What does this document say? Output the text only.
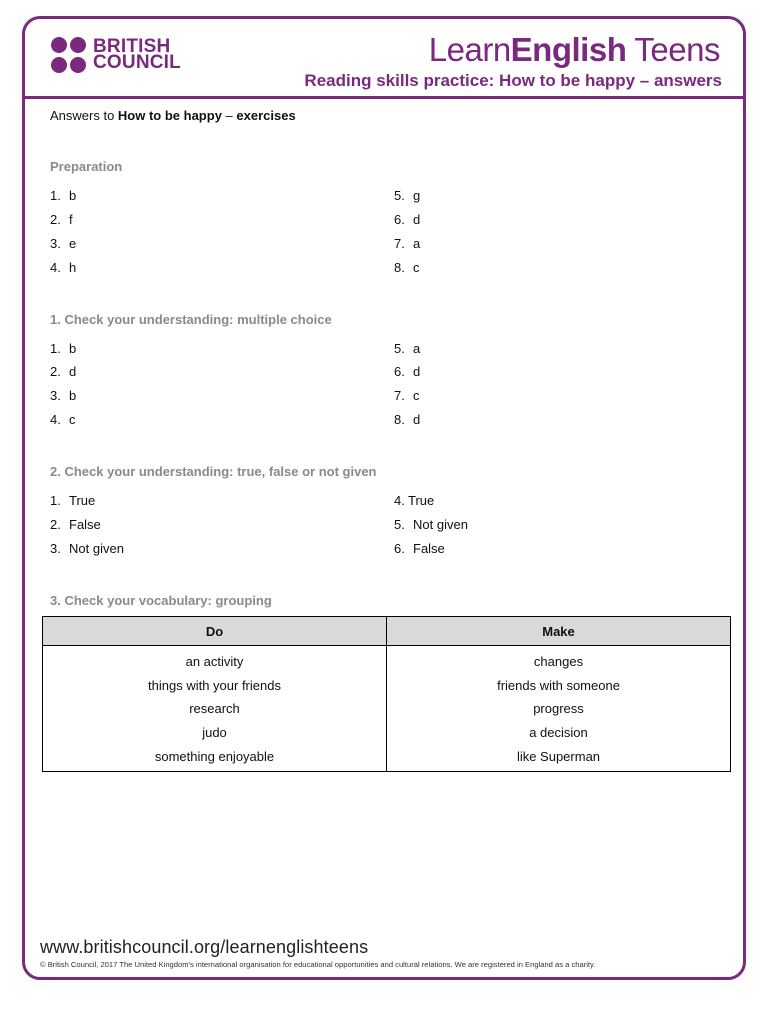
BRITISH
COUNCIL	LearnEnglish Teens
Reading skills practice: How to be happy – answers
Answers to How to be happy – exercises
Preparation
1. b
2. f
3. e
4. h
5. g
6. d
7. a
8. c
1. Check your understanding: multiple choice
1. b
2. d
3. b
4. c
5. a
6. d
7. c
8. d
2. Check your understanding: true, false or not given
1. True
2. False
3. Not given
4. True
5. Not given
6. False
3. Check your vocabulary: grouping
Do	Make
an activity	changes
things with your friends	friends with someone
research	progress
judo	a decision
something enjoyable	like Superman
www.britishcouncil.org/learnenglishteens
© British Council, 2017 The United Kingdom's international organisation for educational opportunities and cultural relations. We are registered in England as a charity.
